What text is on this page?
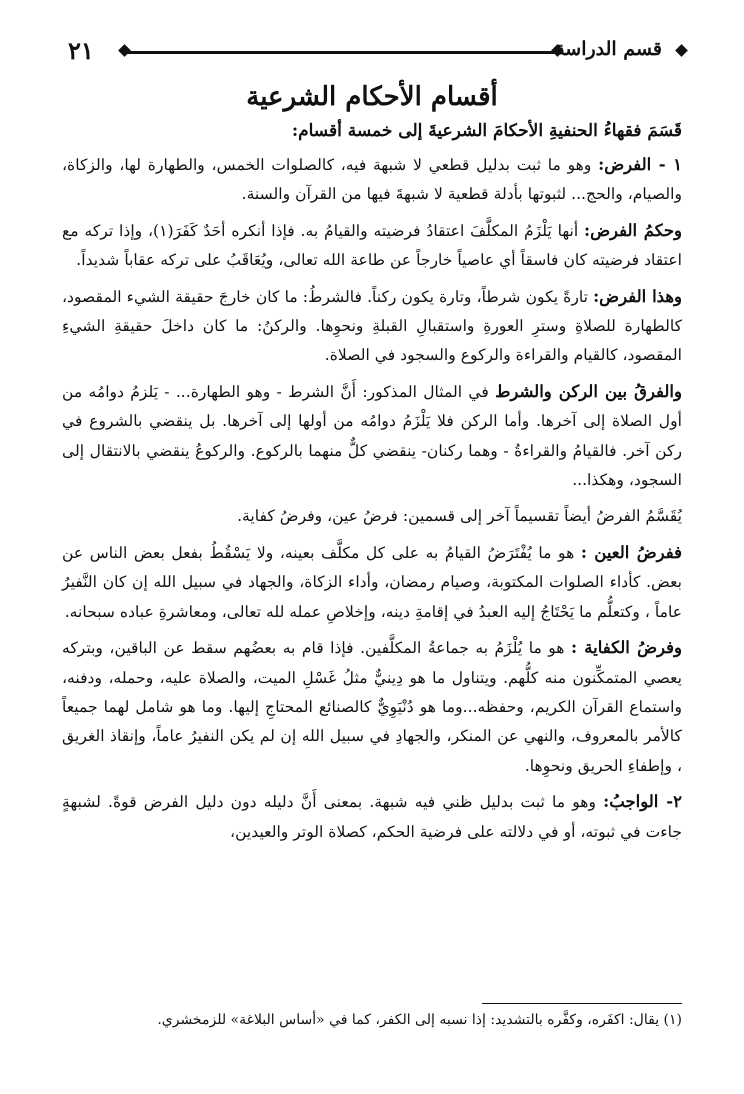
٢١	قسم الدراسة
أقسام الأحكام الشرعية

قَسَمَ فقهاءُ الحنفيةِ الأحكامَ الشرعيةَ إلى خمسة أقسام:

١ - الفرض: وهو ما ثبت بدليل قطعي لا شبهة فيه، كالصلوات الخمس، والطهارة لها، والزكاة، والصيام، والحج... لثبوتها بأدلة قطعية لا شبهةَ فيها من القرآن والسنة.

وحكمُ الفرض: أنها يَلْزَمُ المكلَّفَ اعتقادُ فرضيته والقيامُ به. فإذا أنكره أحَدٌ كَفَرَ(١)، وإذا تركه مع اعتقاد فرضيته كان فاسقاً أي عاصياً خارجاً عن طاعة الله تعالى، ويُعَاقَبُ على تركه عقاباً شديداً.

وهذا الفرض: تارةً يكون شرطاً، وتارة يكون ركناً. فالشرطُ: ما كان خارجَ حقيقة الشيء المقصود، كالطهارة للصلاةِ وسترِ العورةِ واستقبالِ القبلةِ ونحوِها. والركنُ: ما كان داخلَ حقيقةِ الشيءِ المقصود، كالقيام والقراءة والركوع والسجود في الصلاة.

والفرقُ بين الركن والشرط في المثال المذكور: أَنَّ الشرط - وهو الطهارة... - يَلزمُ دوامُه من أول الصلاة إلى آخرها. وأما الركن فلا يَلْزَمُ دوامُه من أولها إلى آخرها. بل ينقضي بالشروع في ركن آخر. فالقيامُ والقراءةُ - وهما ركنان- ينقضي كلٌّ منهما بالركوع. والركوعُ ينقضي بالانتقال إلى السجود، وهكذا...

يُقَسَّمُ الفرضُ أيضاً تقسيماً آخر إلى قسمين: فرضُ عين، وفرضُ كفاية.

ففرضُ العين : هو ما يُفْتَرَضُ القيامُ به على كل مكلَّف بعينه، ولا يَسْقُطُ بفعل بعض الناس عن بعض. كأداء الصلوات المكتوبة، وصيام رمضان، وأداء الزكاة، والجهاد في سبيل الله إن كان النَّفيرُ عاماً ، وكتعلُّم ما يَحْتَاجُ إليه العبدُ في إقامةِ دينه، وإخلاصِ عمله لله تعالى، ومعاشرةِ عباده سبحانه.

وفرضُ الكفاية : هو ما يُلْزَمُ به جماعةُ المكلَّفين. فإذا قام به بعضُهم سقط عن الباقين، وبتركه يعصي المتمكِّنون منه كلُّهم. ويتناول ما هو دِينيٌّ مثلُ غَسْلِ الميت، والصلاة عليه، وحمله، ودفنه، واستماع القرآن الكريم، وحفظه...وما هو دُنْيَوِيٌّ كالصنائع المحتاجِ إليها. وما هو شامل لهما جميعاً كالأمر بالمعروف، والنهي عن المنكر، والجهادِ في سبيل الله إن لم يكن النفيرُ عاماً، وإنقاذ الغريق ، وإطفاءِ الحريق ونحوِها.

٢- الواجبُ: وهو ما ثبت بدليل ظني فيه شبهة. بمعنى أَنَّ دليله دون دليل الفرض قوةً. لشبهةٍ جاءت في ثبوته، أو في دلالته على فرضية الحكم، كصلاة الوتر والعيدين،

(١) يقال: اكفَره، وكفَّره بالتشديد: إذا نسبه إلى الكفر، كما في «أساس البلاغة» للزمخشري.
